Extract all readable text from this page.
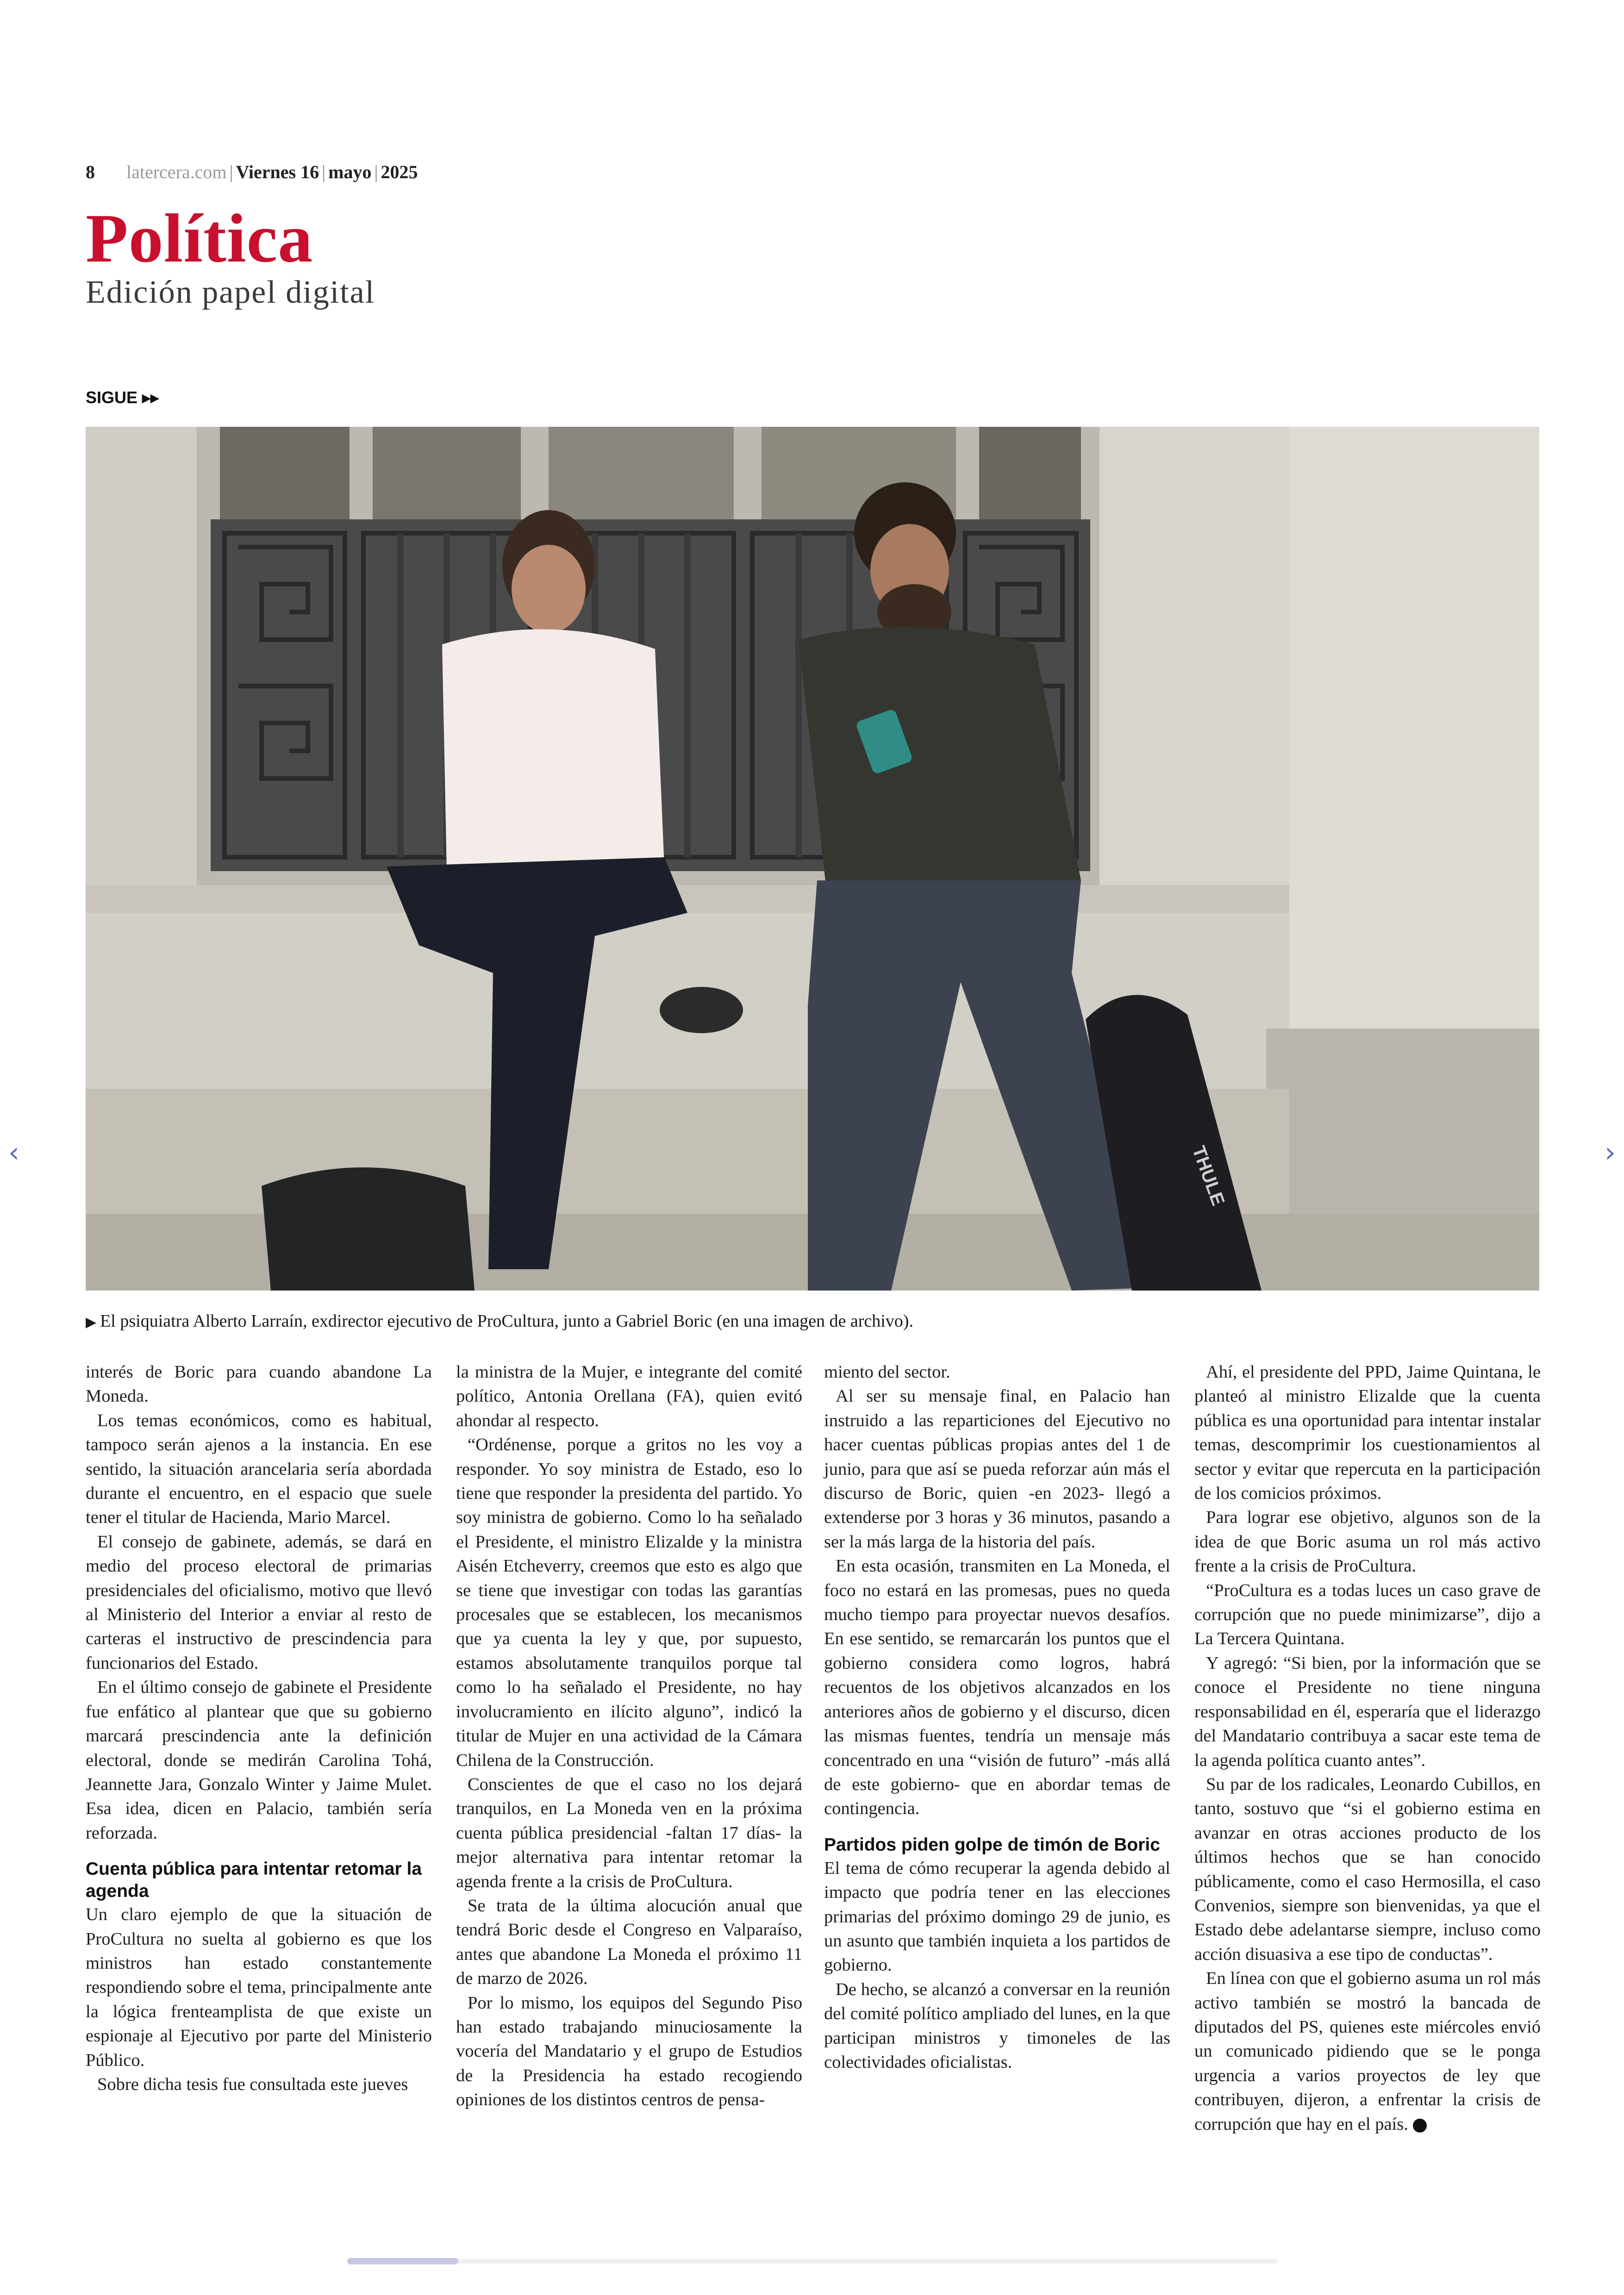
8 latercera.com | Viernes 16 | mayo | 2025
Política
Edición papel digital
SIGUE ▸▸
THULE
▶ El psiquiatra Alberto Larraín, exdirector ejecutivo de ProCultura, junto a Gabriel Boric (en una imagen de archivo).
‹	›

interés de Boric para cuando abandone La Moneda.

Los temas económicos, como es habitual, tampoco serán ajenos a la instancia. En ese sentido, la situación arancelaria sería abordada durante el encuentro, en el espacio que suele tener el titular de Hacienda, Mario Marcel.

El consejo de gabinete, además, se dará en medio del proceso electoral de primarias presidenciales del oficialismo, motivo que llevó al Ministerio del Interior a enviar al resto de carteras el instructivo de prescindencia para funcionarios del Estado.

En el último consejo de gabinete el Presidente fue enfático al plantear que que su gobierno marcará prescindencia ante la definición electoral, donde se medirán Carolina Tohá, Jeannette Jara, Gonzalo Winter y Jaime Mulet. Esa idea, dicen en Palacio, también sería reforzada.

Cuenta pública para intentar retomar la agenda

Un claro ejemplo de que la situación de ProCultura no suelta al gobierno es que los ministros han estado constantemente respondiendo sobre el tema, principalmente ante la lógica frenteamplista de que existe un espionaje al Ejecutivo por parte del Ministerio Público.

Sobre dicha tesis fue consultada este jueves

la ministra de la Mujer, e integrante del comité político, Antonia Orellana (FA), quien evitó ahondar al respecto.

“Ordénense, porque a gritos no les voy a responder. Yo soy ministra de Estado, eso lo tiene que responder la presidenta del partido. Yo soy ministra de gobierno. Como lo ha señalado el Presidente, el ministro Elizalde y la ministra Aisén Etcheverry, creemos que esto es algo que se tiene que investigar con todas las garantías procesales que se establecen, los mecanismos que ya cuenta la ley y que, por supuesto, estamos absolutamente tranquilos porque tal como lo ha señalado el Presidente, no hay involucramiento en ilícito alguno”, indicó la titular de Mujer en una actividad de la Cámara Chilena de la Construcción.

Conscientes de que el caso no los dejará tranquilos, en La Moneda ven en la próxima cuenta pública presidencial -faltan 17 días- la mejor alternativa para intentar retomar la agenda frente a la crisis de ProCultura.

Se trata de la última alocución anual que tendrá Boric desde el Congreso en Valparaíso, antes que abandone La Moneda el próximo 11 de marzo de 2026.

Por lo mismo, los equipos del Segundo Piso han estado trabajando minuciosamente la vocería del Mandatario y el grupo de Estudios de la Presidencia ha estado recogiendo opiniones de los distintos centros de pensa-

miento del sector.

Al ser su mensaje final, en Palacio han instruido a las reparticiones del Ejecutivo no hacer cuentas públicas propias antes del 1 de junio, para que así se pueda reforzar aún más el discurso de Boric, quien -en 2023- llegó a extenderse por 3 horas y 36 minutos, pasando a ser la más larga de la historia del país.

En esta ocasión, transmiten en La Moneda, el foco no estará en las promesas, pues no queda mucho tiempo para proyectar nuevos desafíos. En ese sentido, se remarcarán los puntos que el gobierno considera como logros, habrá recuentos de los objetivos alcanzados en los anteriores años de gobierno y el discurso, dicen las mismas fuentes, tendría un mensaje más concentrado en una “visión de futuro” -más allá de este gobierno- que en abordar temas de contingencia.

Partidos piden golpe de timón de Boric

El tema de cómo recuperar la agenda debido al impacto que podría tener en las elecciones primarias del próximo domingo 29 de junio, es un asunto que también inquieta a los partidos de gobierno.

De hecho, se alcanzó a conversar en la reunión del comité político ampliado del lunes, en la que participan ministros y timoneles de las colectividades oficialistas.

Ahí, el presidente del PPD, Jaime Quintana, le planteó al ministro Elizalde que la cuenta pública es una oportunidad para intentar instalar temas, descomprimir los cuestionamientos al sector y evitar que repercuta en la participación de los comicios próximos.

Para lograr ese objetivo, algunos son de la idea de que Boric asuma un rol más activo frente a la crisis de ProCultura.

“ProCultura es a todas luces un caso grave de corrupción que no puede minimizarse”, dijo a La Tercera Quintana.

Y agregó: “Si bien, por la información que se conoce el Presidente no tiene ninguna responsabilidad en él, esperaría que el liderazgo del Mandatario contribuya a sacar este tema de la agenda política cuanto antes”.

Su par de los radicales, Leonardo Cubillos, en tanto, sostuvo que “si el gobierno estima en avanzar en otras acciones producto de los últimos hechos que se han conocido públicamente, como el caso Hermosilla, el caso Convenios, siempre son bienvenidas, ya que el Estado debe adelantarse siempre, incluso como acción disuasiva a ese tipo de conductas”.

En línea con que el gobierno asuma un rol más activo también se mostró la bancada de diputados del PS, quienes este miércoles envió un comunicado pidiendo que se le ponga urgencia a varios proyectos de ley que contribuyen, dijeron, a enfrentar la crisis de corrupción que hay en el país.
